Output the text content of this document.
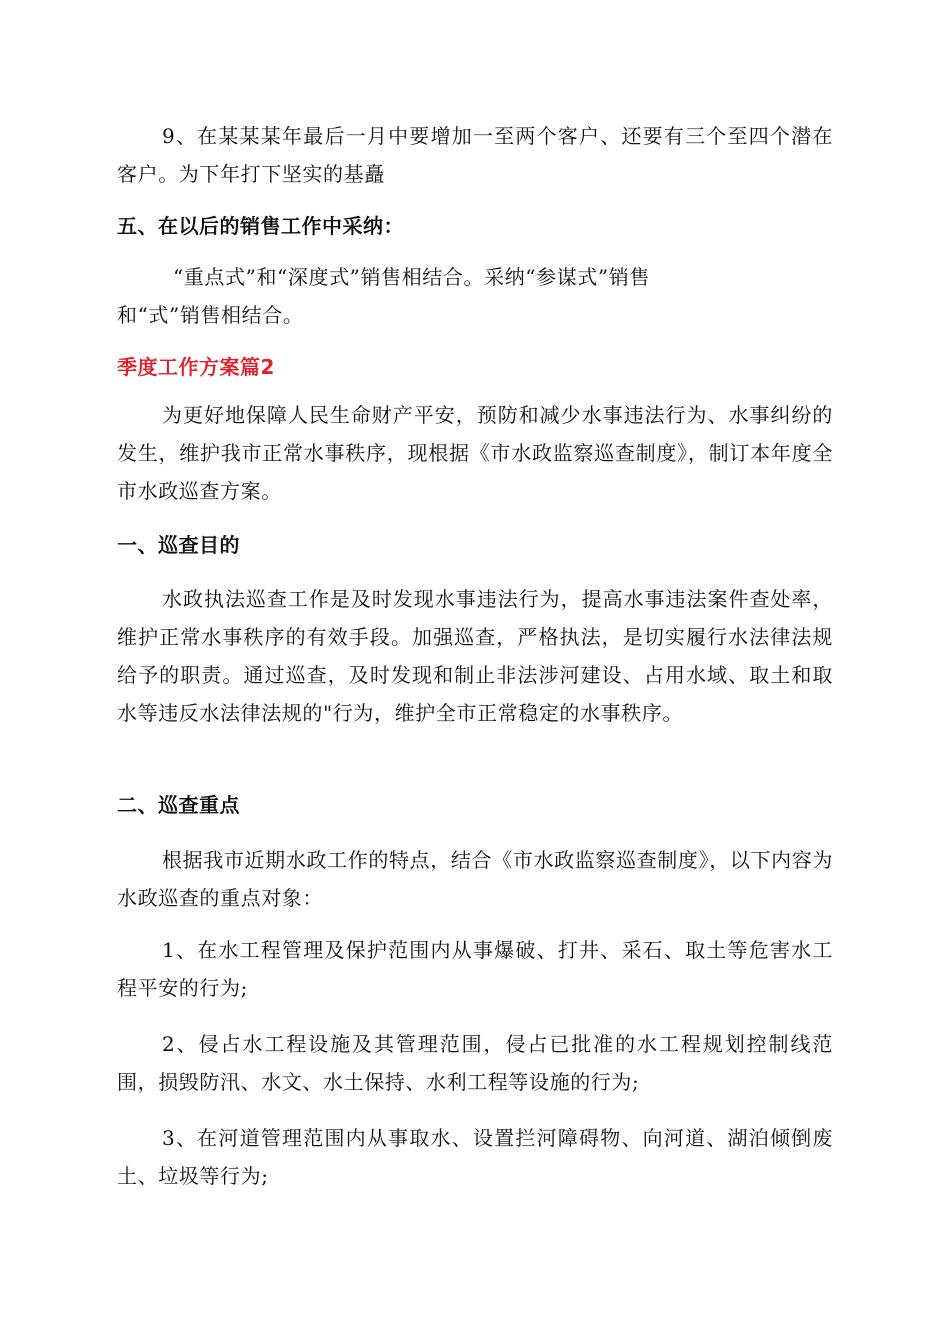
9、在某某某年最后一月中要增加一至两个客户、还要有三个至四个潜在客户。为下年打下坚实的基矗

五、在以后的销售工作中采纳：
“重点式”和“深度式”销售相结合。采纳“参谋式”销售
和“式”销售相结合。
季度工作方案篇2

为更好地保障人民生命财产平安，预防和减少水事违法行为、水事纠纷的发生，维护我市正常水事秩序，现根据《市水政监察巡查制度》，制订本年度全市水政巡查方案。

一、巡查目的

水政执法巡查工作是及时发现水事违法行为，提高水事违法案件查处率，维护正常水事秩序的有效手段。加强巡查，严格执法，是切实履行水法律法规给予的职责。通过巡查，及时发现和制止非法涉河建设、占用水域、取土和取水等违反水法律法规的"行为，维护全市正常稳定的水事秩序。

二、巡查重点

根据我市近期水政工作的特点，结合《市水政监察巡查制度》，以下内容为水政巡查的重点对象：

1、在水工程管理及保护范围内从事爆破、打井、采石、取土等危害水工程平安的行为;

2、侵占水工程设施及其管理范围，侵占已批准的水工程规划控制线范围，损毁防汛、水文、水土保持、水利工程等设施的行为;

3、在河道管理范围内从事取水、设置拦河障碍物、向河道、湖泊倾倒废土、垃圾等行为;
